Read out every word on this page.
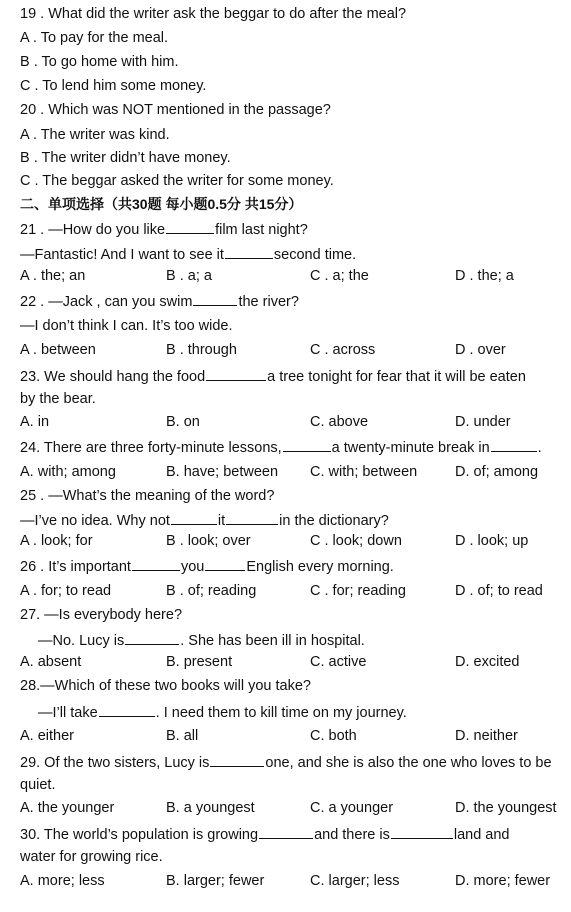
19 . What did the writer ask the beggar to do after the meal?
A . To pay for the meal.
B . To go home with him.
C . To lend him some money.
20 . Which was NOT mentioned in the passage?
A . The writer was kind.
B . The writer didn’t have money.
C . The beggar asked the writer for some money.
二、单项选择（共30题 每小题0.5分 共15分）
21 . —How do you like	film last night?
—Fantastic! And I want to see it	second time.
A . the; an	B . a; a	C . a; the	D . the; a
22 . —Jack , can you swim	the river?
—I don’t think I can. It’s too wide.
A . between	B . through	C . across	D . over
23. We should hang the food	a tree tonight for fear that it will be eaten
by the bear.
A. in	B. on	C. above	D. under
24. There are three forty-minute lessons,	a twenty-minute break in	.
A. with; among	B. have; between C. with; between	D. of; among
25 . —What’s the meaning of the word?
—I’ve no idea. Why not	it	in the dictionary?
A . look; for	B . look; over	C . look; down	D . look; up
26 . It’s important	you	English every morning.
A . for; to read	B . of; reading	C . for; reading	D . of; to read
27. —Is everybody here?
—No. Lucy is	. She has been ill in hospital.
A. absent	B. present	C. active	D. excited
28.—Which of these two books will you take?
—I’ll take	. I need them to kill time on my journey.
A. either	B. all	C. both	D. neither
29. Of the two sisters, Lucy is	one, and she is also the one who loves to be
quiet.
A. the younger	B. a youngest	C. a younger	D. the youngest
30. The world’s population is growing	and there is	land and
water for growing rice.
A. more; less	B. larger; fewer	C. larger; less	D. more; fewer
